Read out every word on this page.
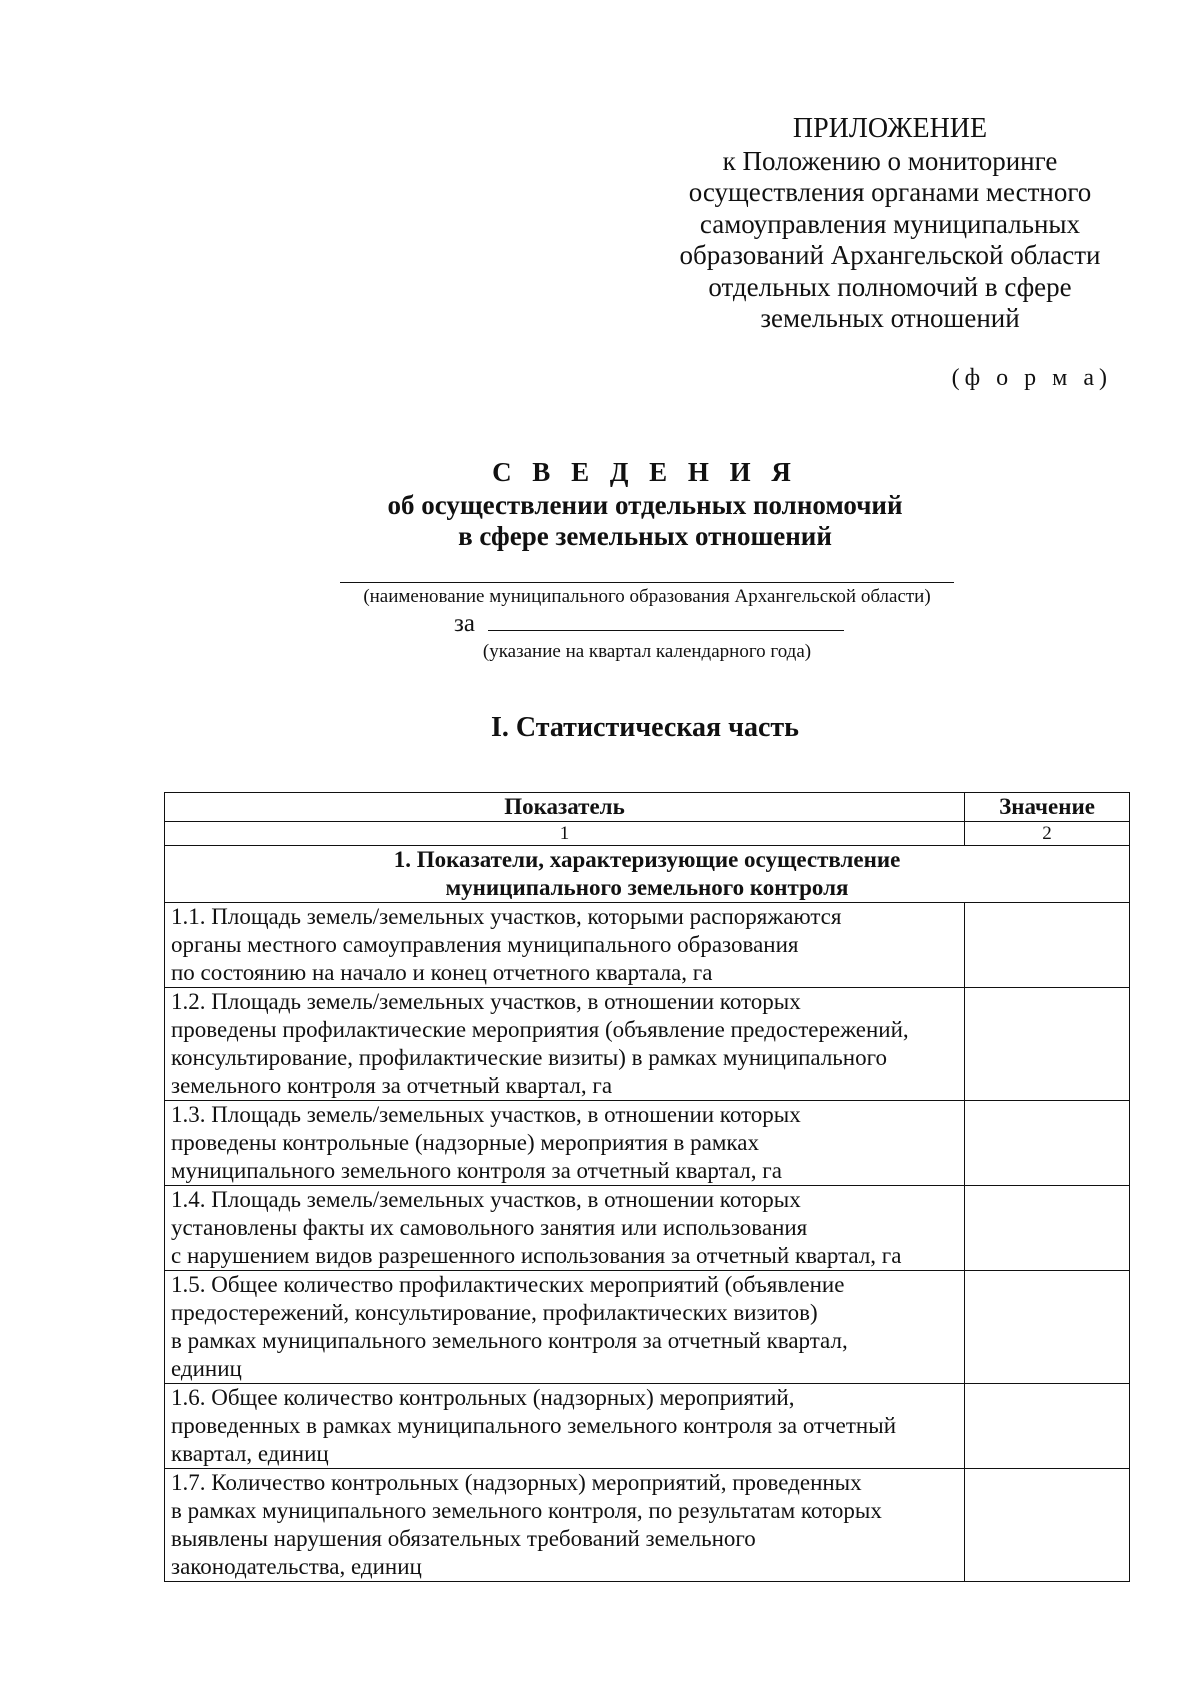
ПРИЛОЖЕНИЕ
к Положению о мониторинге
осуществления органами местного
самоуправления муниципальных
образований Архангельской области
отдельных полномочий в сфере
земельных отношений
(ф о р м а)
С В Е Д Е Н И Я
об осуществлении отдельных полномочий
в сфере земельных отношений
(наименование муниципального образования Архангельской области)
за
(указание на квартал календарного года)
I. Статистическая часть
Показатель	Значение
1	2

1. Показатели, характеризующие осуществление
муниципального земельного контроля	

1.1. Площадь земель/земельных участков, которыми распоряжаются
органы местного самоуправления муниципального образования
по состоянию на начало и конец отчетного квартала, га	

1.2. Площадь земель/земельных участков, в отношении которых
проведены профилактические мероприятия (объявление предостережений,
консультирование, профилактические визиты) в рамках муниципального
земельного контроля за отчетный квартал, га	

1.3. Площадь земель/земельных участков, в отношении которых
проведены контрольные (надзорные) мероприятия в рамках
муниципального земельного контроля за отчетный квартал, га	

1.4. Площадь земель/земельных участков, в отношении которых
установлены факты их самовольного занятия или использования
с нарушением видов разрешенного использования за отчетный квартал, га	

1.5. Общее количество профилактических мероприятий (объявление
предостережений, консультирование, профилактических визитов)
в рамках муниципального земельного контроля за отчетный квартал,
единиц	

1.6. Общее количество контрольных (надзорных) мероприятий,
проведенных в рамках муниципального земельного контроля за отчетный
квартал, единиц	

1.7. Количество контрольных (надзорных) мероприятий, проведенных
в рамках муниципального земельного контроля, по результатам которых
выявлены нарушения обязательных требований земельного
законодательства, единиц	
